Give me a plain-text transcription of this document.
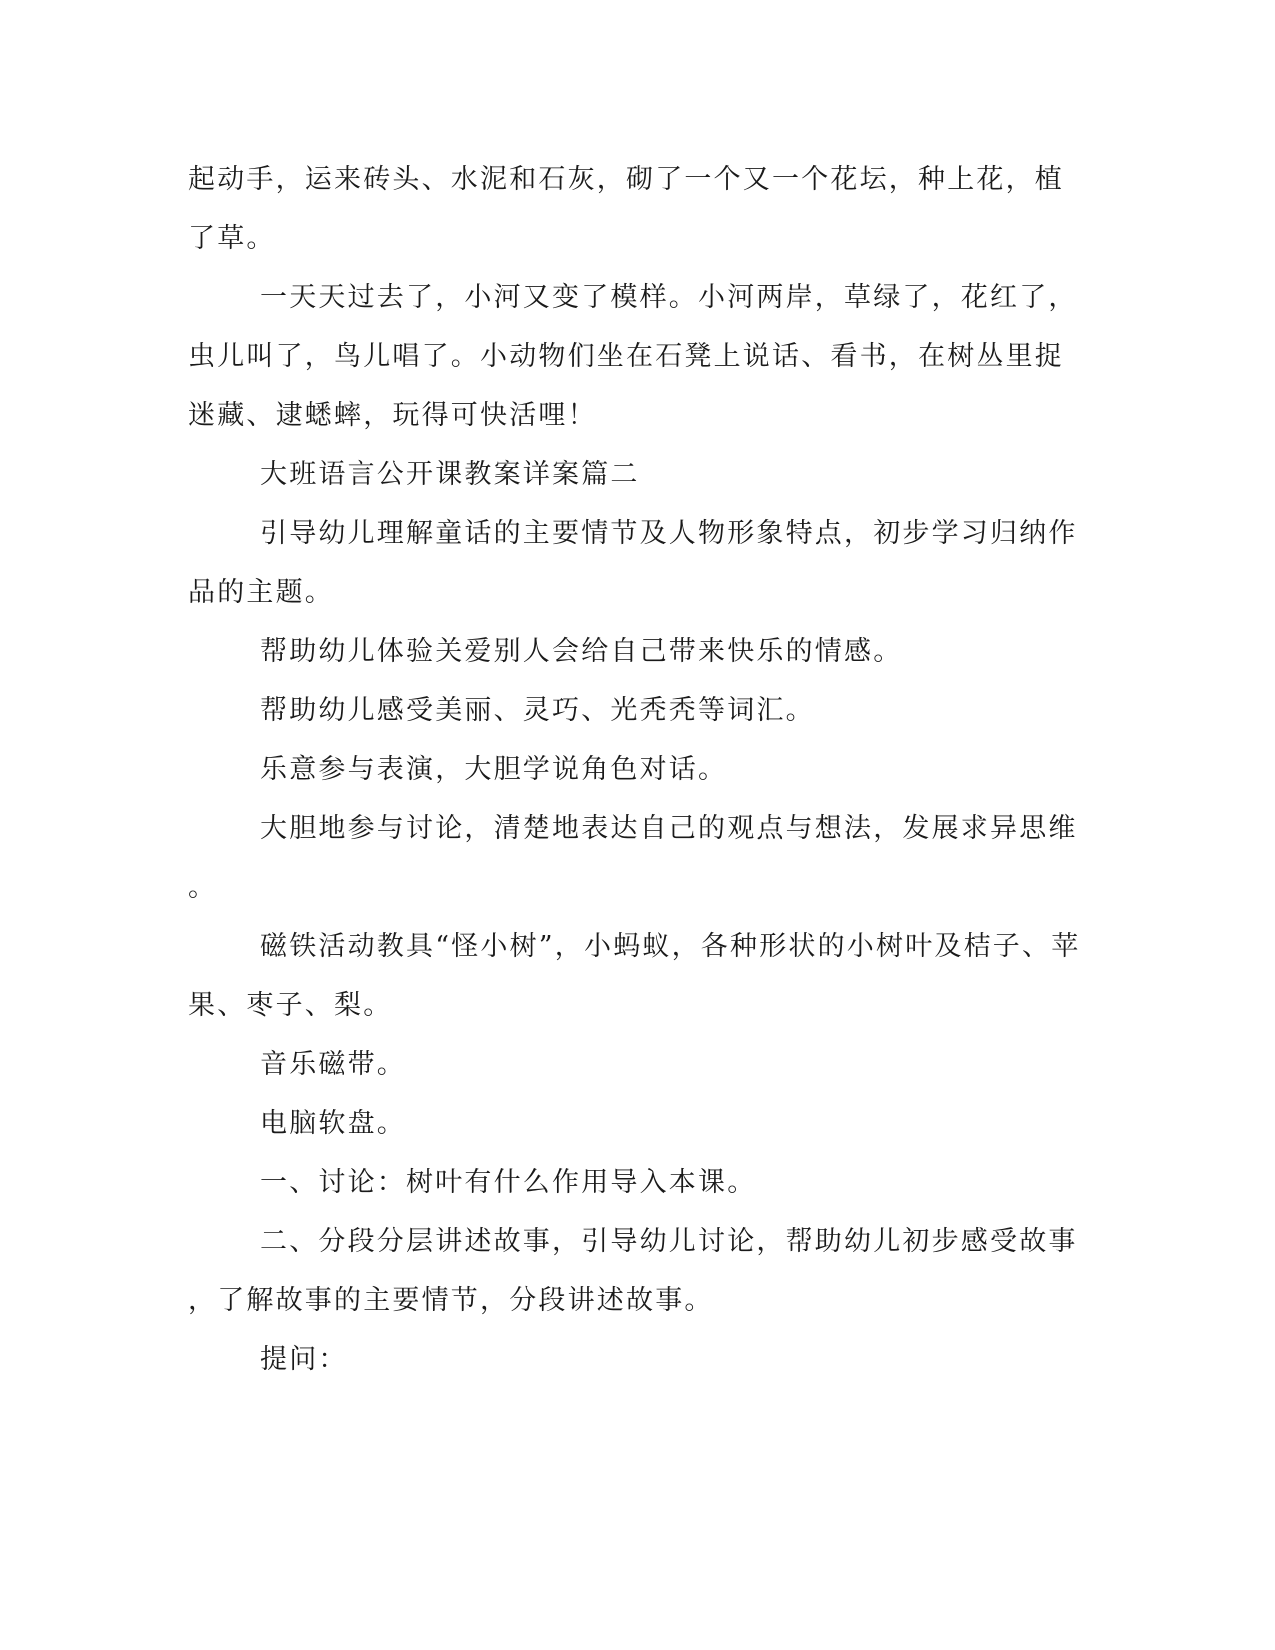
起动手，运来砖头、水泥和石灰，砌了一个又一个花坛，种上花，植

了草。

一天天过去了，小河又变了模样。小河两岸，草绿了，花红了，

虫儿叫了，鸟儿唱了。小动物们坐在石凳上说话、看书，在树丛里捉

迷藏、逮蟋蟀，玩得可快活哩！

大班语言公开课教案详案篇二

引导幼儿理解童话的主要情节及人物形象特点，初步学习归纳作

品的主题。

帮助幼儿体验关爱别人会给自己带来快乐的情感。

帮助幼儿感受美丽、灵巧、光秃秃等词汇。

乐意参与表演，大胆学说角色对话。

大胆地参与讨论，清楚地表达自己的观点与想法，发展求异思维

。

磁铁活动教具“怪小树”，小蚂蚁，各种形状的小树叶及桔子、苹

果、枣子、梨。

音乐磁带。

电脑软盘。

一、讨论：树叶有什么作用导入本课。

二、分段分层讲述故事，引导幼儿讨论，帮助幼儿初步感受故事

，了解故事的主要情节，分段讲述故事。

提问：
